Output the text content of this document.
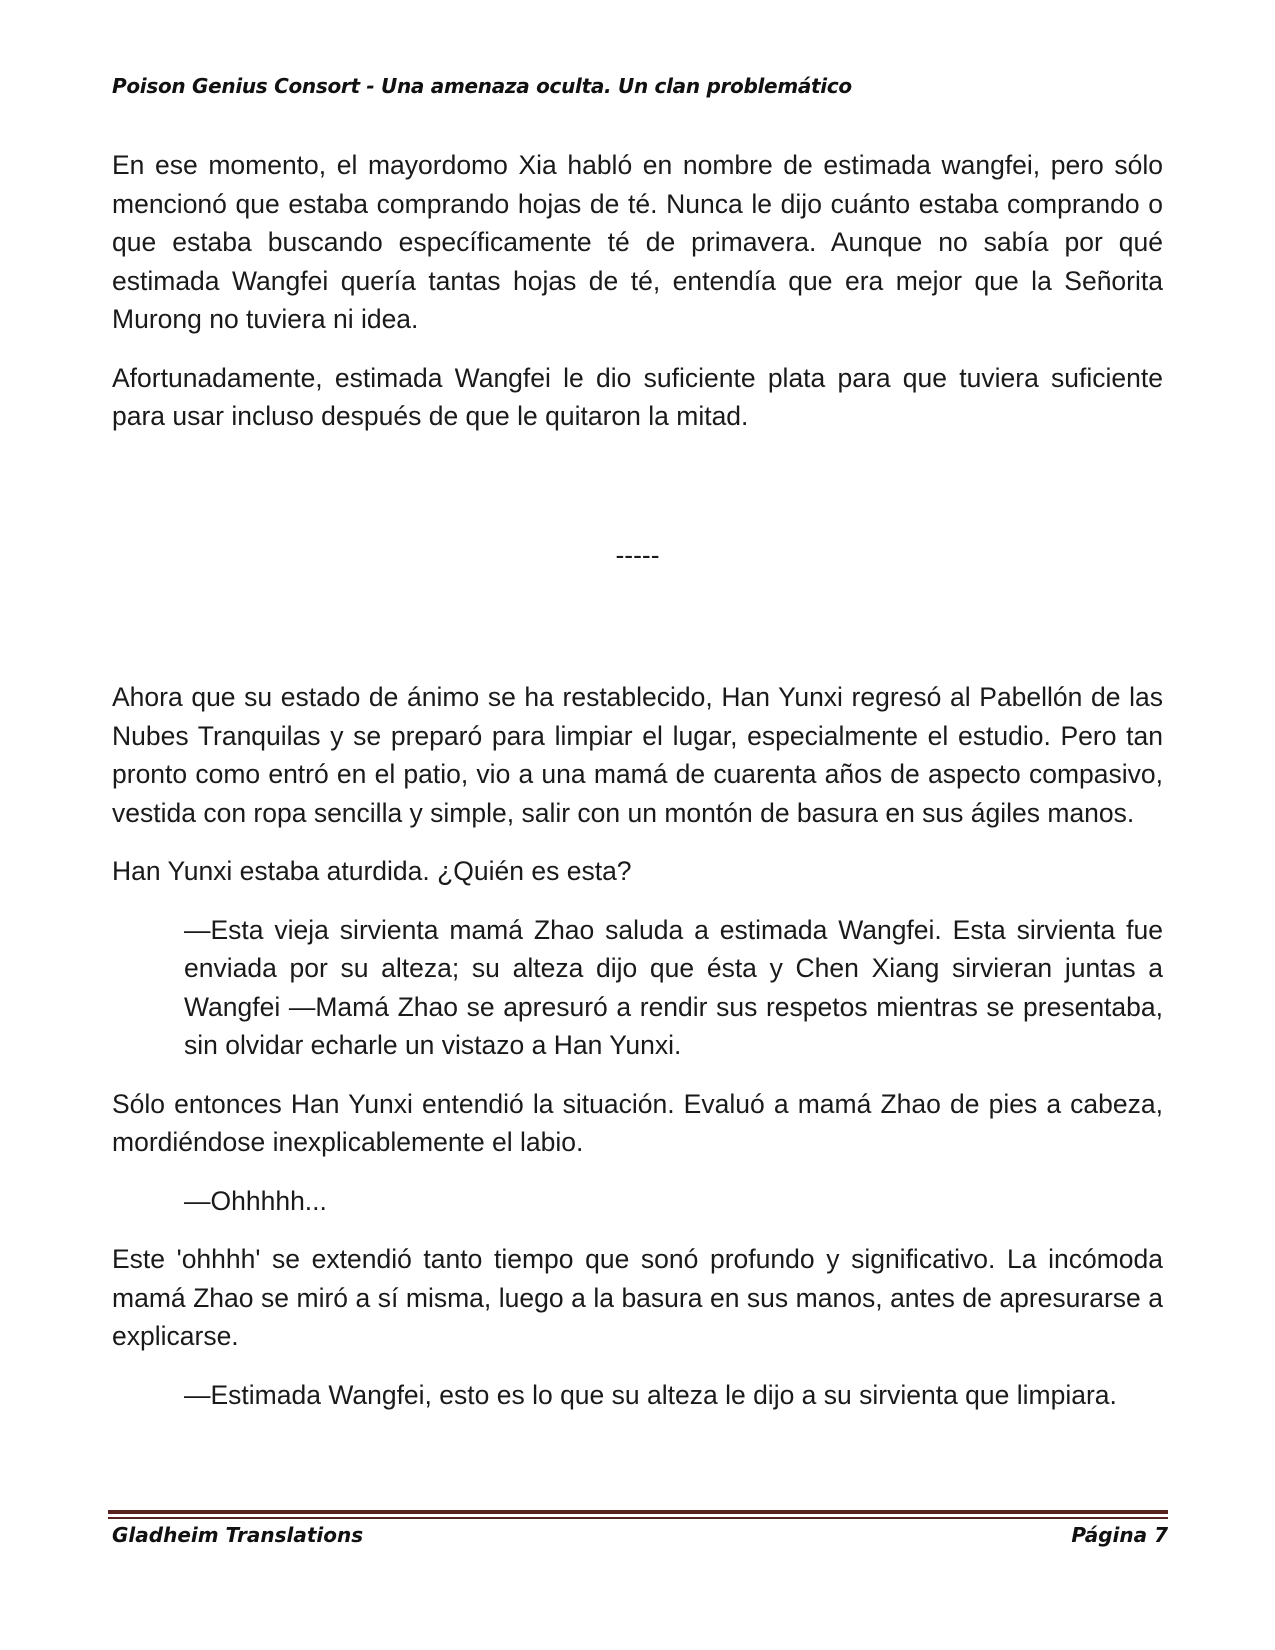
Poison Genius Consort - Una amenaza oculta. Un clan problemático

En ese momento, el mayordomo Xia habló en nombre de estimada wangfei, pero sólo mencionó que estaba comprando hojas de té. Nunca le dijo cuánto estaba comprando o que estaba buscando específicamente té de primavera. Aunque no sabía por qué estimada Wangfei quería tantas hojas de té, entendía que era mejor que la Señorita Murong no tuviera ni idea.

Afortunadamente, estimada Wangfei le dio suficiente plata para que tuviera suficiente para usar incluso después de que le quitaron la mitad.

-----

Ahora que su estado de ánimo se ha restablecido, Han Yunxi regresó al Pabellón de las Nubes Tranquilas y se preparó para limpiar el lugar, especialmente el estudio. Pero tan pronto como entró en el patio, vio a una mamá de cuarenta años de aspecto compasivo, vestida con ropa sencilla y simple, salir con un montón de basura en sus ágiles manos.

Han Yunxi estaba aturdida. ¿Quién es esta?

—Esta vieja sirvienta mamá Zhao saluda a estimada Wangfei. Esta sirvienta fue enviada por su alteza; su alteza dijo que ésta y Chen Xiang sirvieran juntas a Wangfei —Mamá Zhao se apresuró a rendir sus respetos mientras se presentaba, sin olvidar echarle un vistazo a Han Yunxi.

Sólo entonces Han Yunxi entendió la situación. Evaluó a mamá Zhao de pies a cabeza, mordiéndose inexplicablemente el labio.

—Ohhhhh...

Este 'ohhhh' se extendió tanto tiempo que sonó profundo y significativo. La incómoda mamá Zhao se miró a sí misma, luego a la basura en sus manos, antes de apresurarse a explicarse.

—Estimada Wangfei, esto es lo que su alteza le dijo a su sirvienta que limpiara.

Gladheim Translations	Página 7
